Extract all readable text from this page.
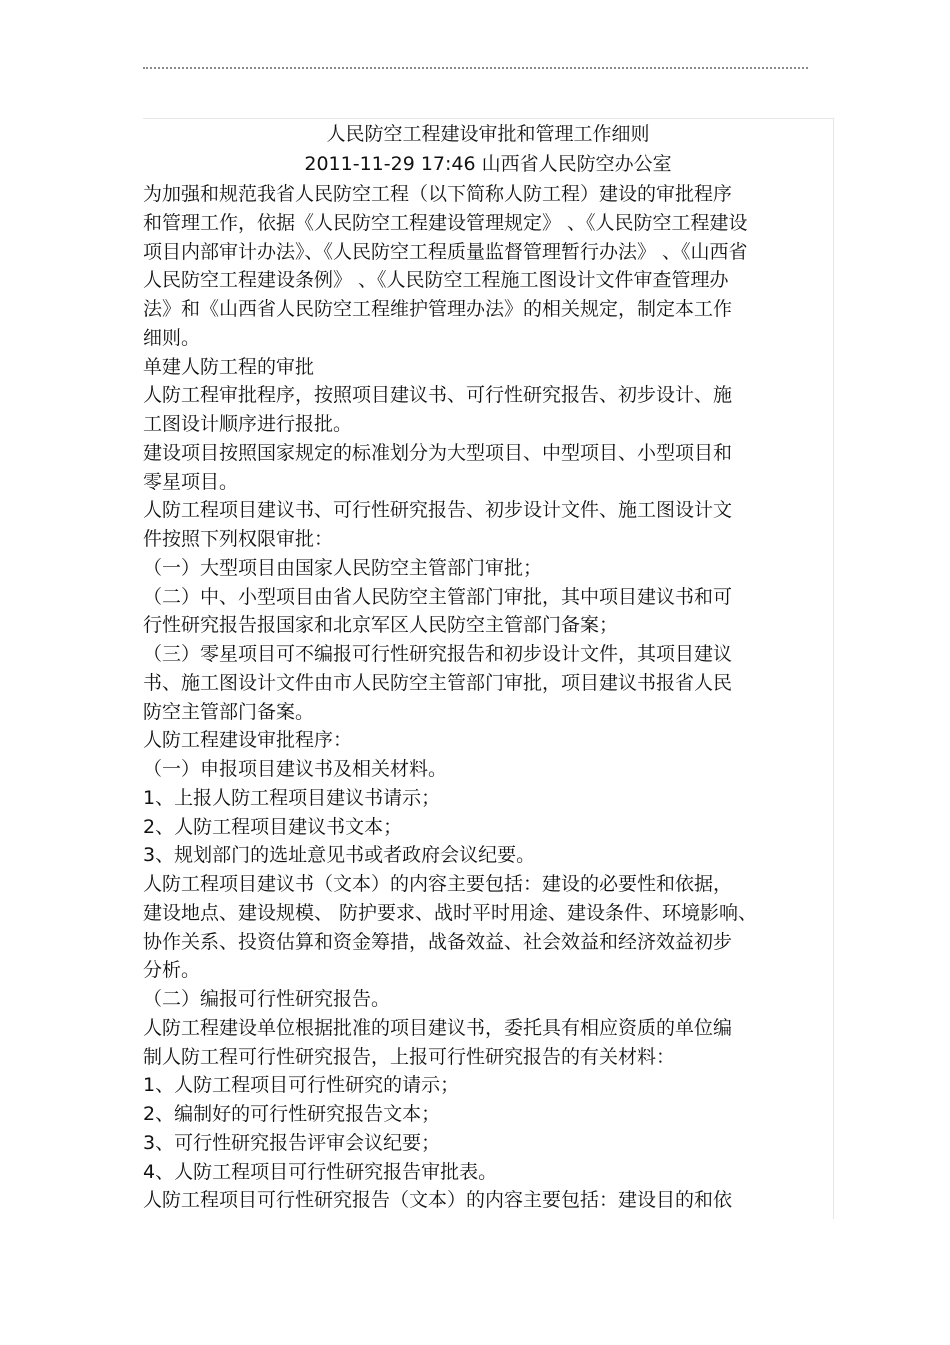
人民防空工程建设审批和管理工作细则
2011-11-29 17:46 山西省人民防空办公室
为加强和规范我省人民防空工程（以下简称人防工程）建设的审批程序
和管理工作，依据《人民防空工程建设管理规定》 、《人民防空工程建设
项目内部审计办法》、《人民防空工程质量监督管理暂行办法》 、《山西省
人民防空工程建设条例》 、《人民防空工程施工图设计文件审查管理办
法》和《山西省人民防空工程维护管理办法》的相关规定，制定本工作
细则。
单建人防工程的审批
人防工程审批程序，按照项目建议书、可行性研究报告、初步设计、施
工图设计顺序进行报批。
建设项目按照国家规定的标准划分为大型项目、中型项目、小型项目和
零星项目。
人防工程项目建议书、可行性研究报告、初步设计文件、施工图设计文
件按照下列权限审批：
（一）大型项目由国家人民防空主管部门审批；
（二）中、小型项目由省人民防空主管部门审批，其中项目建议书和可
行性研究报告报国家和北京军区人民防空主管部门备案；
（三）零星项目可不编报可行性研究报告和初步设计文件，其项目建议
书、施工图设计文件由市人民防空主管部门审批，项目建议书报省人民
防空主管部门备案。
人防工程建设审批程序：
（一）申报项目建议书及相关材料。
1、上报人防工程项目建议书请示；
2、人防工程项目建议书文本；
3、规划部门的选址意见书或者政府会议纪要。
人防工程项目建议书（文本）的内容主要包括：建设的必要性和依据，
建设地点、建设规模、 防护要求、战时平时用途、建设条件、环境影响、
协作关系、投资估算和资金筹措，战备效益、社会效益和经济效益初步
分析。
（二）编报可行性研究报告。
人防工程建设单位根据批准的项目建议书，委托具有相应资质的单位编
制人防工程可行性研究报告，上报可行性研究报告的有关材料：
1、人防工程项目可行性研究的请示；
2、编制好的可行性研究报告文本；
3、可行性研究报告评审会议纪要；
4、人防工程项目可行性研究报告审批表。
人防工程项目可行性研究报告（文本）的内容主要包括：建设目的和依
